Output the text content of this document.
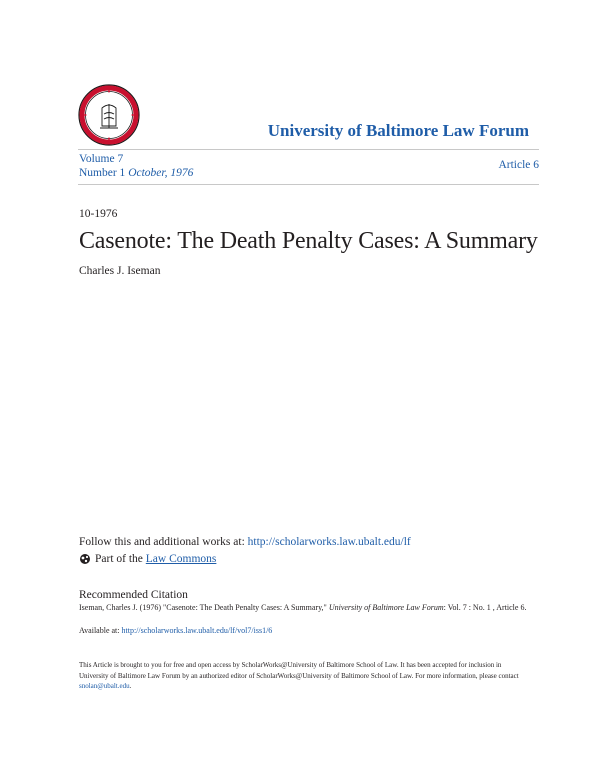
University of Baltimore Law Forum
Volume 7
Number 1 October, 1976
Article 6
10-1976
Casenote: The Death Penalty Cases: A Summary
Charles J. Iseman
Follow this and additional works at: http://scholarworks.law.ubalt.edu/lf
Part of the
Law Commons
Recommended Citation
Iseman, Charles J. (1976) "Casenote: The Death Penalty Cases: A Summary," University of Baltimore Law Forum: Vol. 7 : No. 1 , Article 6.
Available at: http://scholarworks.law.ubalt.edu/lf/vol7/iss1/6
This Article is brought to you for free and open access by ScholarWorks@University of Baltimore School of Law. It has been accepted for inclusion in University of Baltimore Law Forum by an authorized editor of ScholarWorks@University of Baltimore School of Law. For more information, please contact snolan@ubalt.edu.
